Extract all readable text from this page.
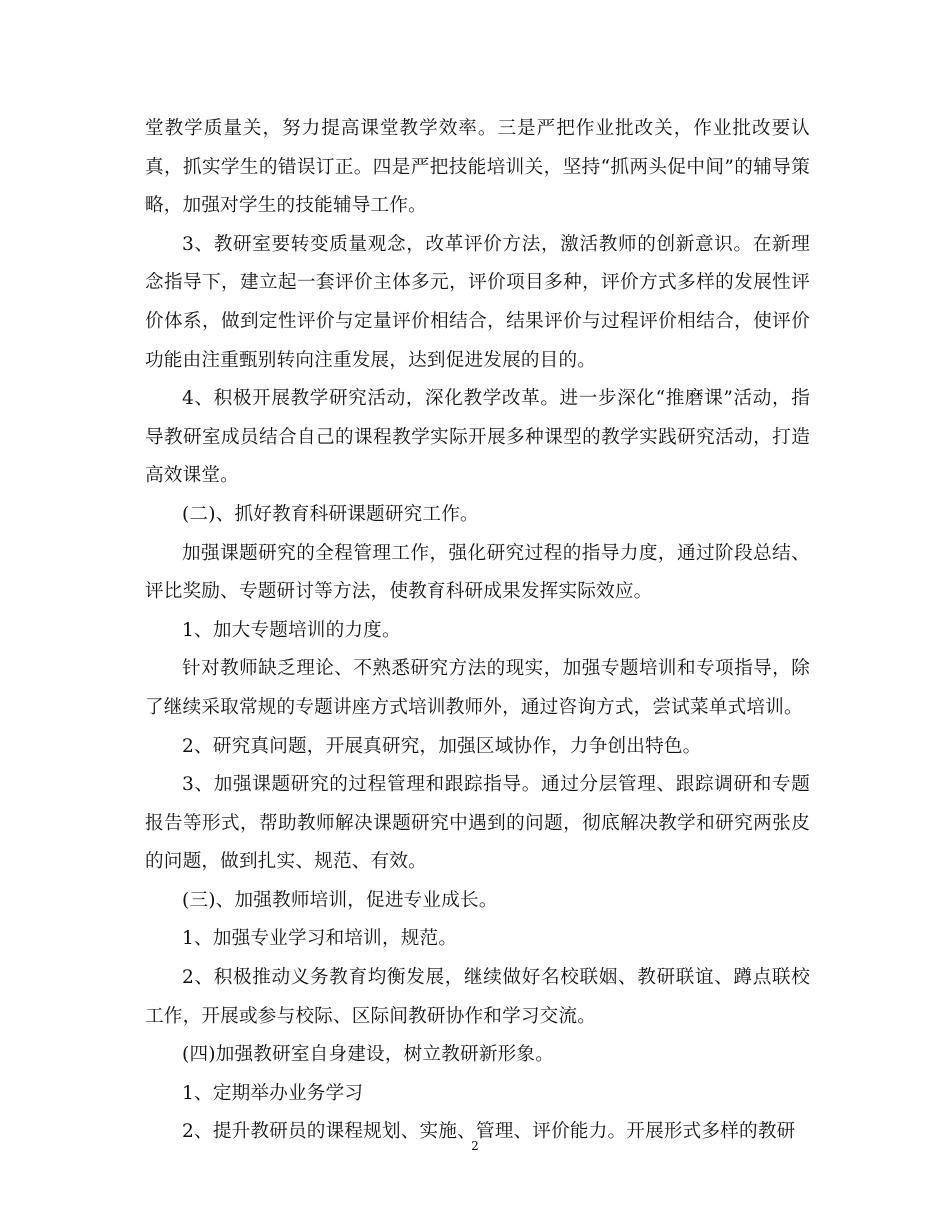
堂教学质量关，努力提高课堂教学效率。三是严把作业批改关，作业批改要认真，抓实学生的错误订正。四是严把技能培训关，坚持“抓两头促中间”的辅导策略，加强对学生的技能辅导工作。

3、教研室要转变质量观念，改革评价方法，激活教师的创新意识。在新理念指导下，建立起一套评价主体多元，评价项目多种，评价方式多样的发展性评价体系，做到定性评价与定量评价相结合，结果评价与过程评价相结合，使评价功能由注重甄别转向注重发展，达到促进发展的目的。

4、积极开展教学研究活动，深化教学改革。进一步深化“推磨课”活动，指导教研室成员结合自己的课程教学实际开展多种课型的教学实践研究活动，打造高效课堂。

(二)、抓好教育科研课题研究工作。

加强课题研究的全程管理工作，强化研究过程的指导力度，通过阶段总结、评比奖励、专题研讨等方法，使教育科研成果发挥实际效应。

1、加大专题培训的力度。

针对教师缺乏理论、不熟悉研究方法的现实，加强专题培训和专项指导，除了继续采取常规的专题讲座方式培训教师外，通过咨询方式，尝试菜单式培训。

2、研究真问题，开展真研究，加强区域协作，力争创出特色。

3、加强课题研究的过程管理和跟踪指导。通过分层管理、跟踪调研和专题报告等形式，帮助教师解决课题研究中遇到的问题，彻底解决教学和研究两张皮的问题，做到扎实、规范、有效。

(三)、加强教师培训，促进专业成长。

1、加强专业学习和培训，规范。

2、积极推动义务教育均衡发展，继续做好名校联姻、教研联谊、蹲点联校工作，开展或参与校际、区际间教研协作和学习交流。

(四)加强教研室自身建设，树立教研新形象。

1、定期举办业务学习

2、提升教研员的课程规划、实施、管理、评价能力。开展形式多样的教研

2
